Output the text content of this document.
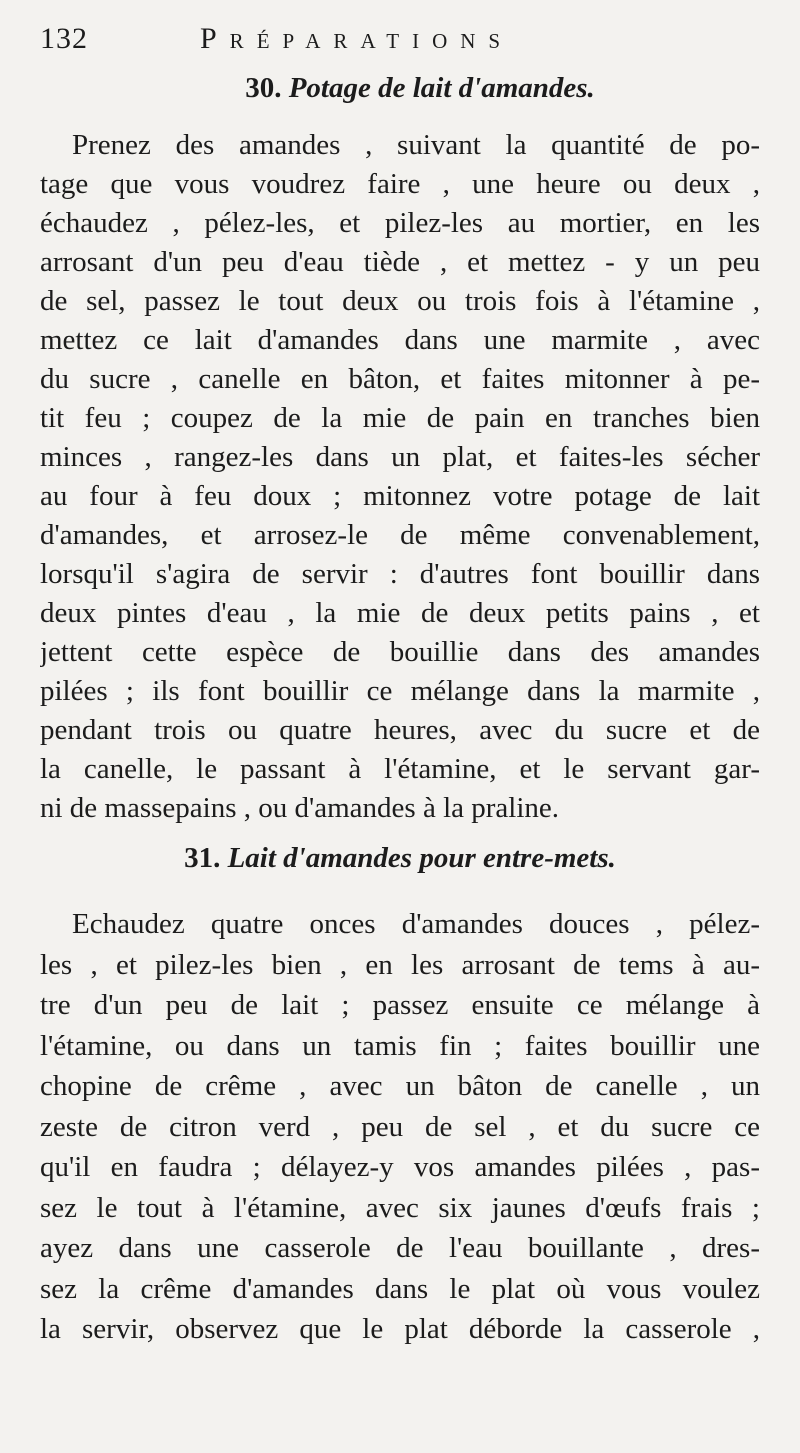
132	Préparations
30. Potage de lait d'amandes.
Prenez des amandes , suivant la quantité de po-
tage que vous voudrez faire , une heure ou deux ,
échaudez , pélez-les, et pilez-les au mortier, en les
arrosant d'un peu d'eau tiède , et mettez - y un peu
de sel, passez le tout deux ou trois fois à l'étamine ,
mettez ce lait d'amandes dans une marmite , avec
du sucre , canelle en bâton, et faites mitonner à pe-
tit feu ; coupez de la mie de pain en tranches bien
minces , rangez-les dans un plat, et faites-les sécher
au four à feu doux ; mitonnez votre potage de lait
d'amandes, et arrosez-le de même convenablement,
lorsqu'il s'agira de servir : d'autres font bouillir dans
deux pintes d'eau , la mie de deux petits pains , et
jettent cette espèce de bouillie dans des amandes
pilées ; ils font bouillir ce mélange dans la marmite ,
pendant trois ou quatre heures, avec du sucre et de
la canelle, le passant à l'étamine, et le servant gar-
ni de massepains , ou d'amandes à la praline.
31. Lait d'amandes pour entre-mets.
Echaudez quatre onces d'amandes douces , pélez-
les , et pilez-les bien , en les arrosant de tems à au-
tre d'un peu de lait ; passez ensuite ce mélange à
l'étamine, ou dans un tamis fin ; faites bouillir une
chopine de crême , avec un bâton de canelle , un
zeste de citron verd , peu de sel , et du sucre ce
qu'il en faudra ; délayez-y vos amandes pilées , pas-
sez le tout à l'étamine, avec six jaunes d'œufs frais ;
ayez dans une casserole de l'eau bouillante , dres-
sez la crême d'amandes dans le plat où vous voulez
la servir, observez que le plat déborde la casserole ,
